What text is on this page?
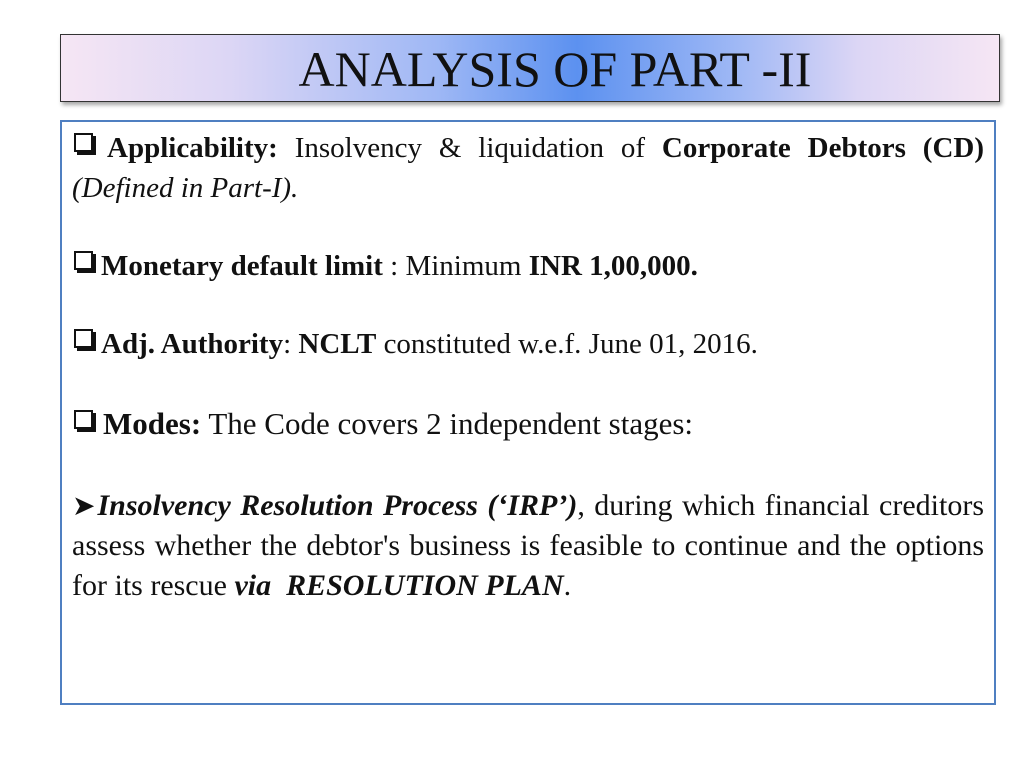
ANALYSIS OF PART -II
Applicability: Insolvency & liquidation of Corporate Debtors (CD) (Defined in Part-I).
Monetary default limit : Minimum INR 1,00,000.
Adj. Authority: NCLT constituted w.e.f. June 01, 2016.
Modes: The Code covers 2 independent stages:
➤Insolvency Resolution Process (‘IRP’), during which financial creditors assess whether the debtor's business is feasible to continue and the options for its rescue via RESOLUTION PLAN.
